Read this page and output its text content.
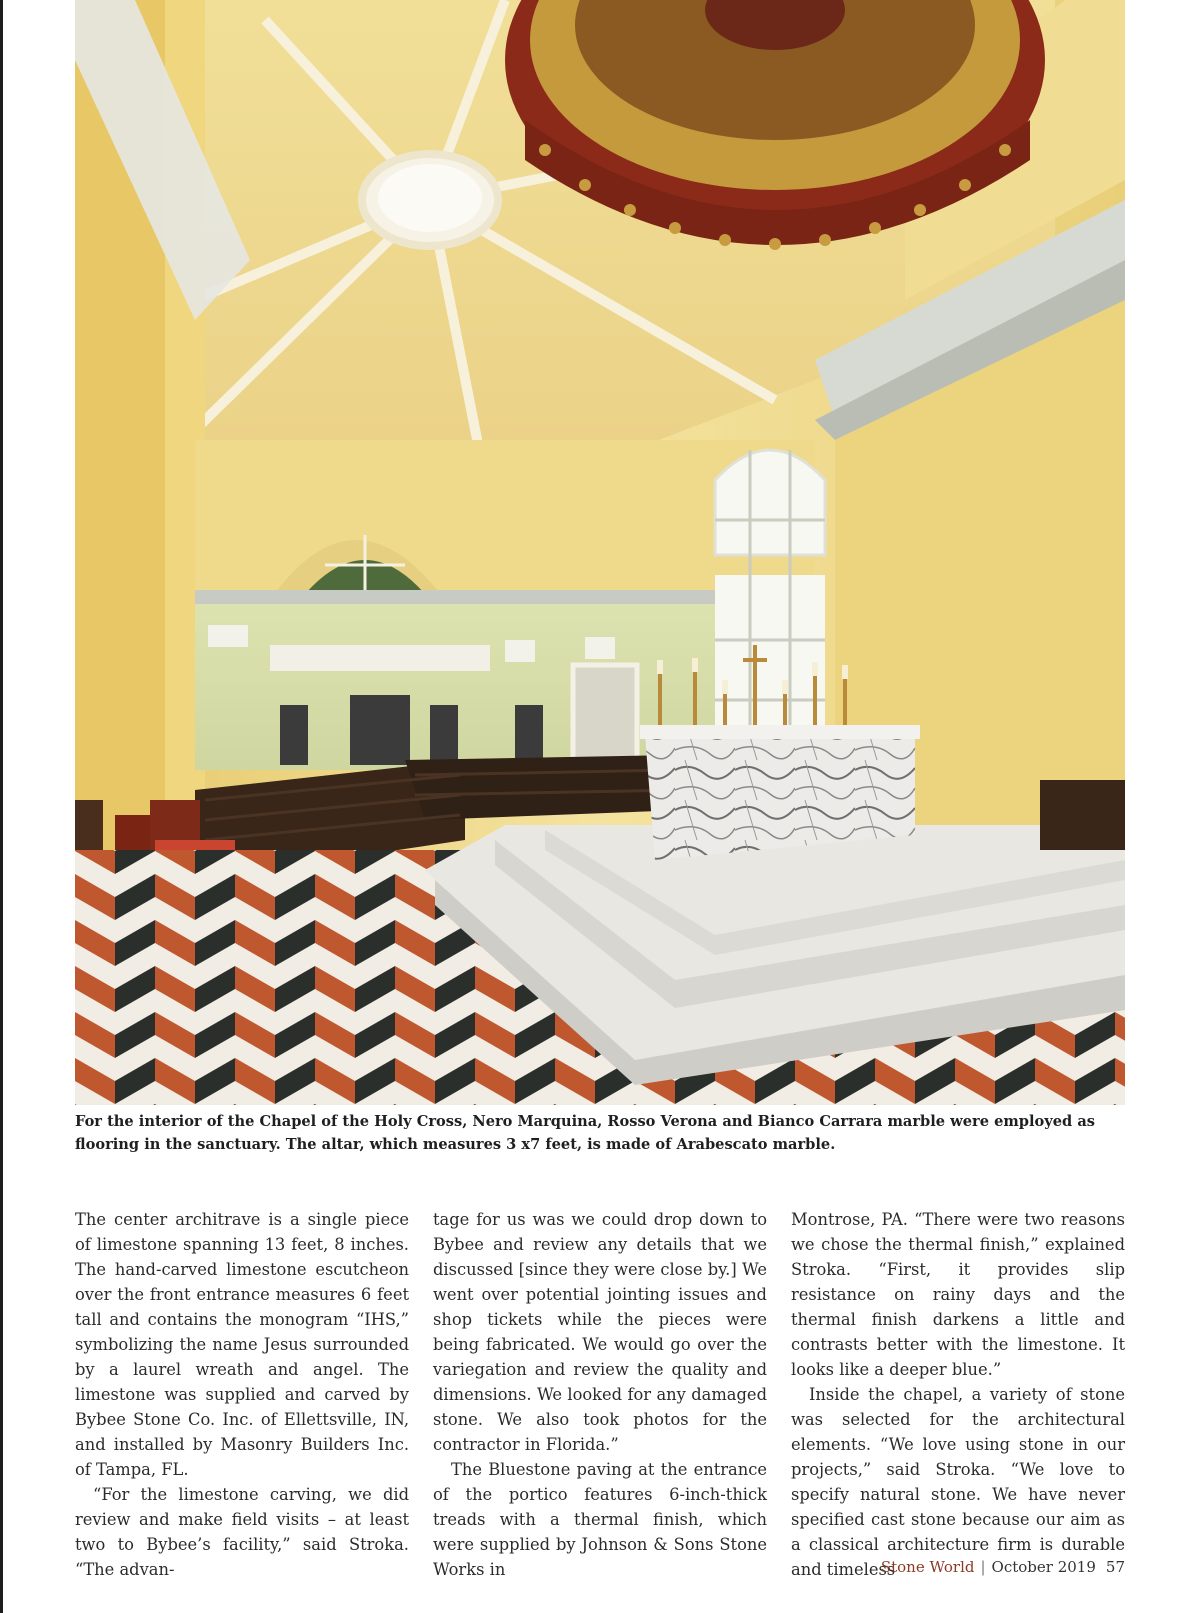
For the interior of the Chapel of the Holy Cross, Nero Marquina, Rosso Verona and Bianco Carrara marble were employed as flooring in the sanctuary. The altar, which measures 3 x7 feet, is made of Arabescato marble.

The center architrave is a single piece of limestone spanning 13 feet, 8 inches. The hand-carved limestone escutcheon over the front entrance measures 6 feet tall and contains the monogram “IHS,” symbolizing the name Jesus surrounded by a laurel wreath and angel. The limestone was supplied and carved by Bybee Stone Co. Inc. of Ellettsville, IN, and installed by Masonry Builders Inc. of Tampa, FL.

“For the limestone carving, we did review and make field visits – at least two to Bybee’s facility,” said Stroka. “The advan-

tage for us was we could drop down to Bybee and review any details that we discussed [since they were close by.] We went over potential jointing issues and shop tickets while the pieces were being fabricated. We would go over the variegation and review the quality and dimensions. We looked for any damaged stone. We also took photos for the contractor in Florida.”

The Bluestone paving at the entrance of the portico features 6-inch-thick treads with a thermal finish, which were supplied by Johnson & Sons Stone Works in

Montrose, PA. “There were two reasons we chose the thermal finish,” explained Stroka. “First, it provides slip resistance on rainy days and the thermal finish darkens a little and contrasts better with the limestone. It looks like a deeper blue.”

Inside the chapel, a variety of stone was selected for the architectural elements. “We love using stone in our projects,” said Stroka. “We love to specify natural stone. We have never specified cast stone because our aim as a classical architecture firm is durable and timeless

Stone World | October 2019 57
